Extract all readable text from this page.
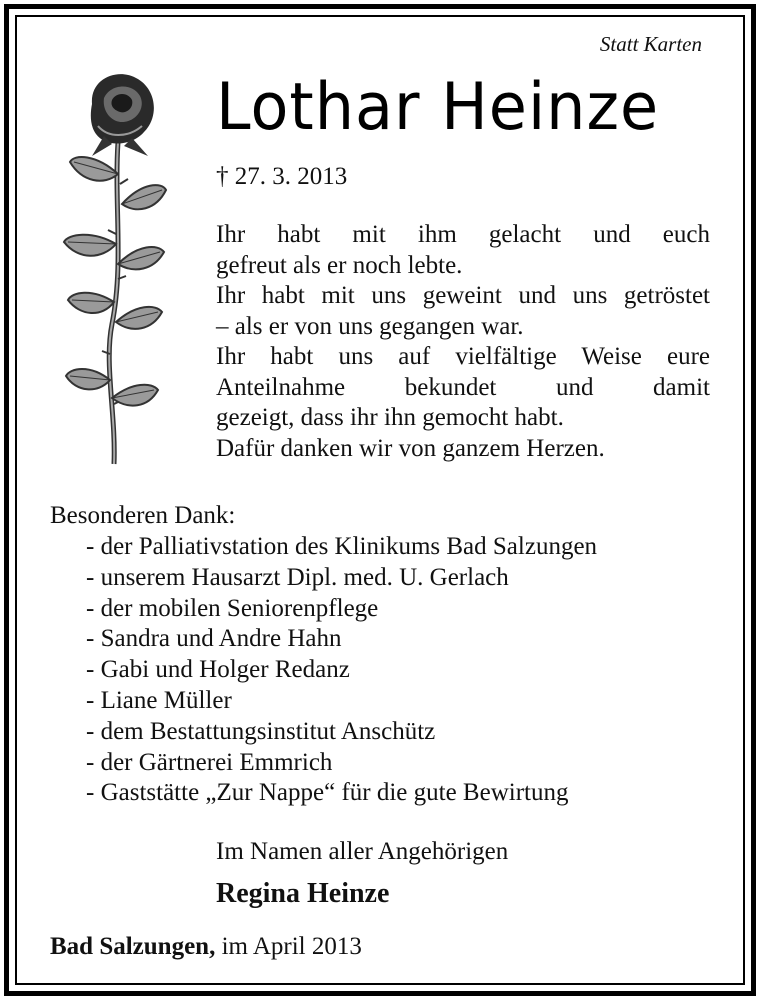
Statt Karten
Lothar Heinze
† 27. 3. 2013
Ihr habt mit ihm gelacht und euch
gefreut als er noch lebte.
Ihr habt mit uns geweint und uns getröstet
– als er von uns gegangen war.
Ihr habt uns auf vielfältige Weise eure
Anteilnahme bekundet und damit
gezeigt, dass ihr ihn gemocht habt.
Dafür danken wir von ganzem Herzen.
Besonderen Dank:
- der Palliativstation des Klinikums Bad Salzungen
- unserem Hausarzt Dipl. med. U. Gerlach
- der mobilen Seniorenpflege
- Sandra und Andre Hahn
- Gabi und Holger Redanz
- Liane Müller
- dem Bestattungsinstitut Anschütz
- der Gärtnerei Emmrich
- Gaststätte „Zur Nappe“ für die gute Bewirtung
Im Namen aller Angehörigen
Regina Heinze
Bad Salzungen, im April 2013
